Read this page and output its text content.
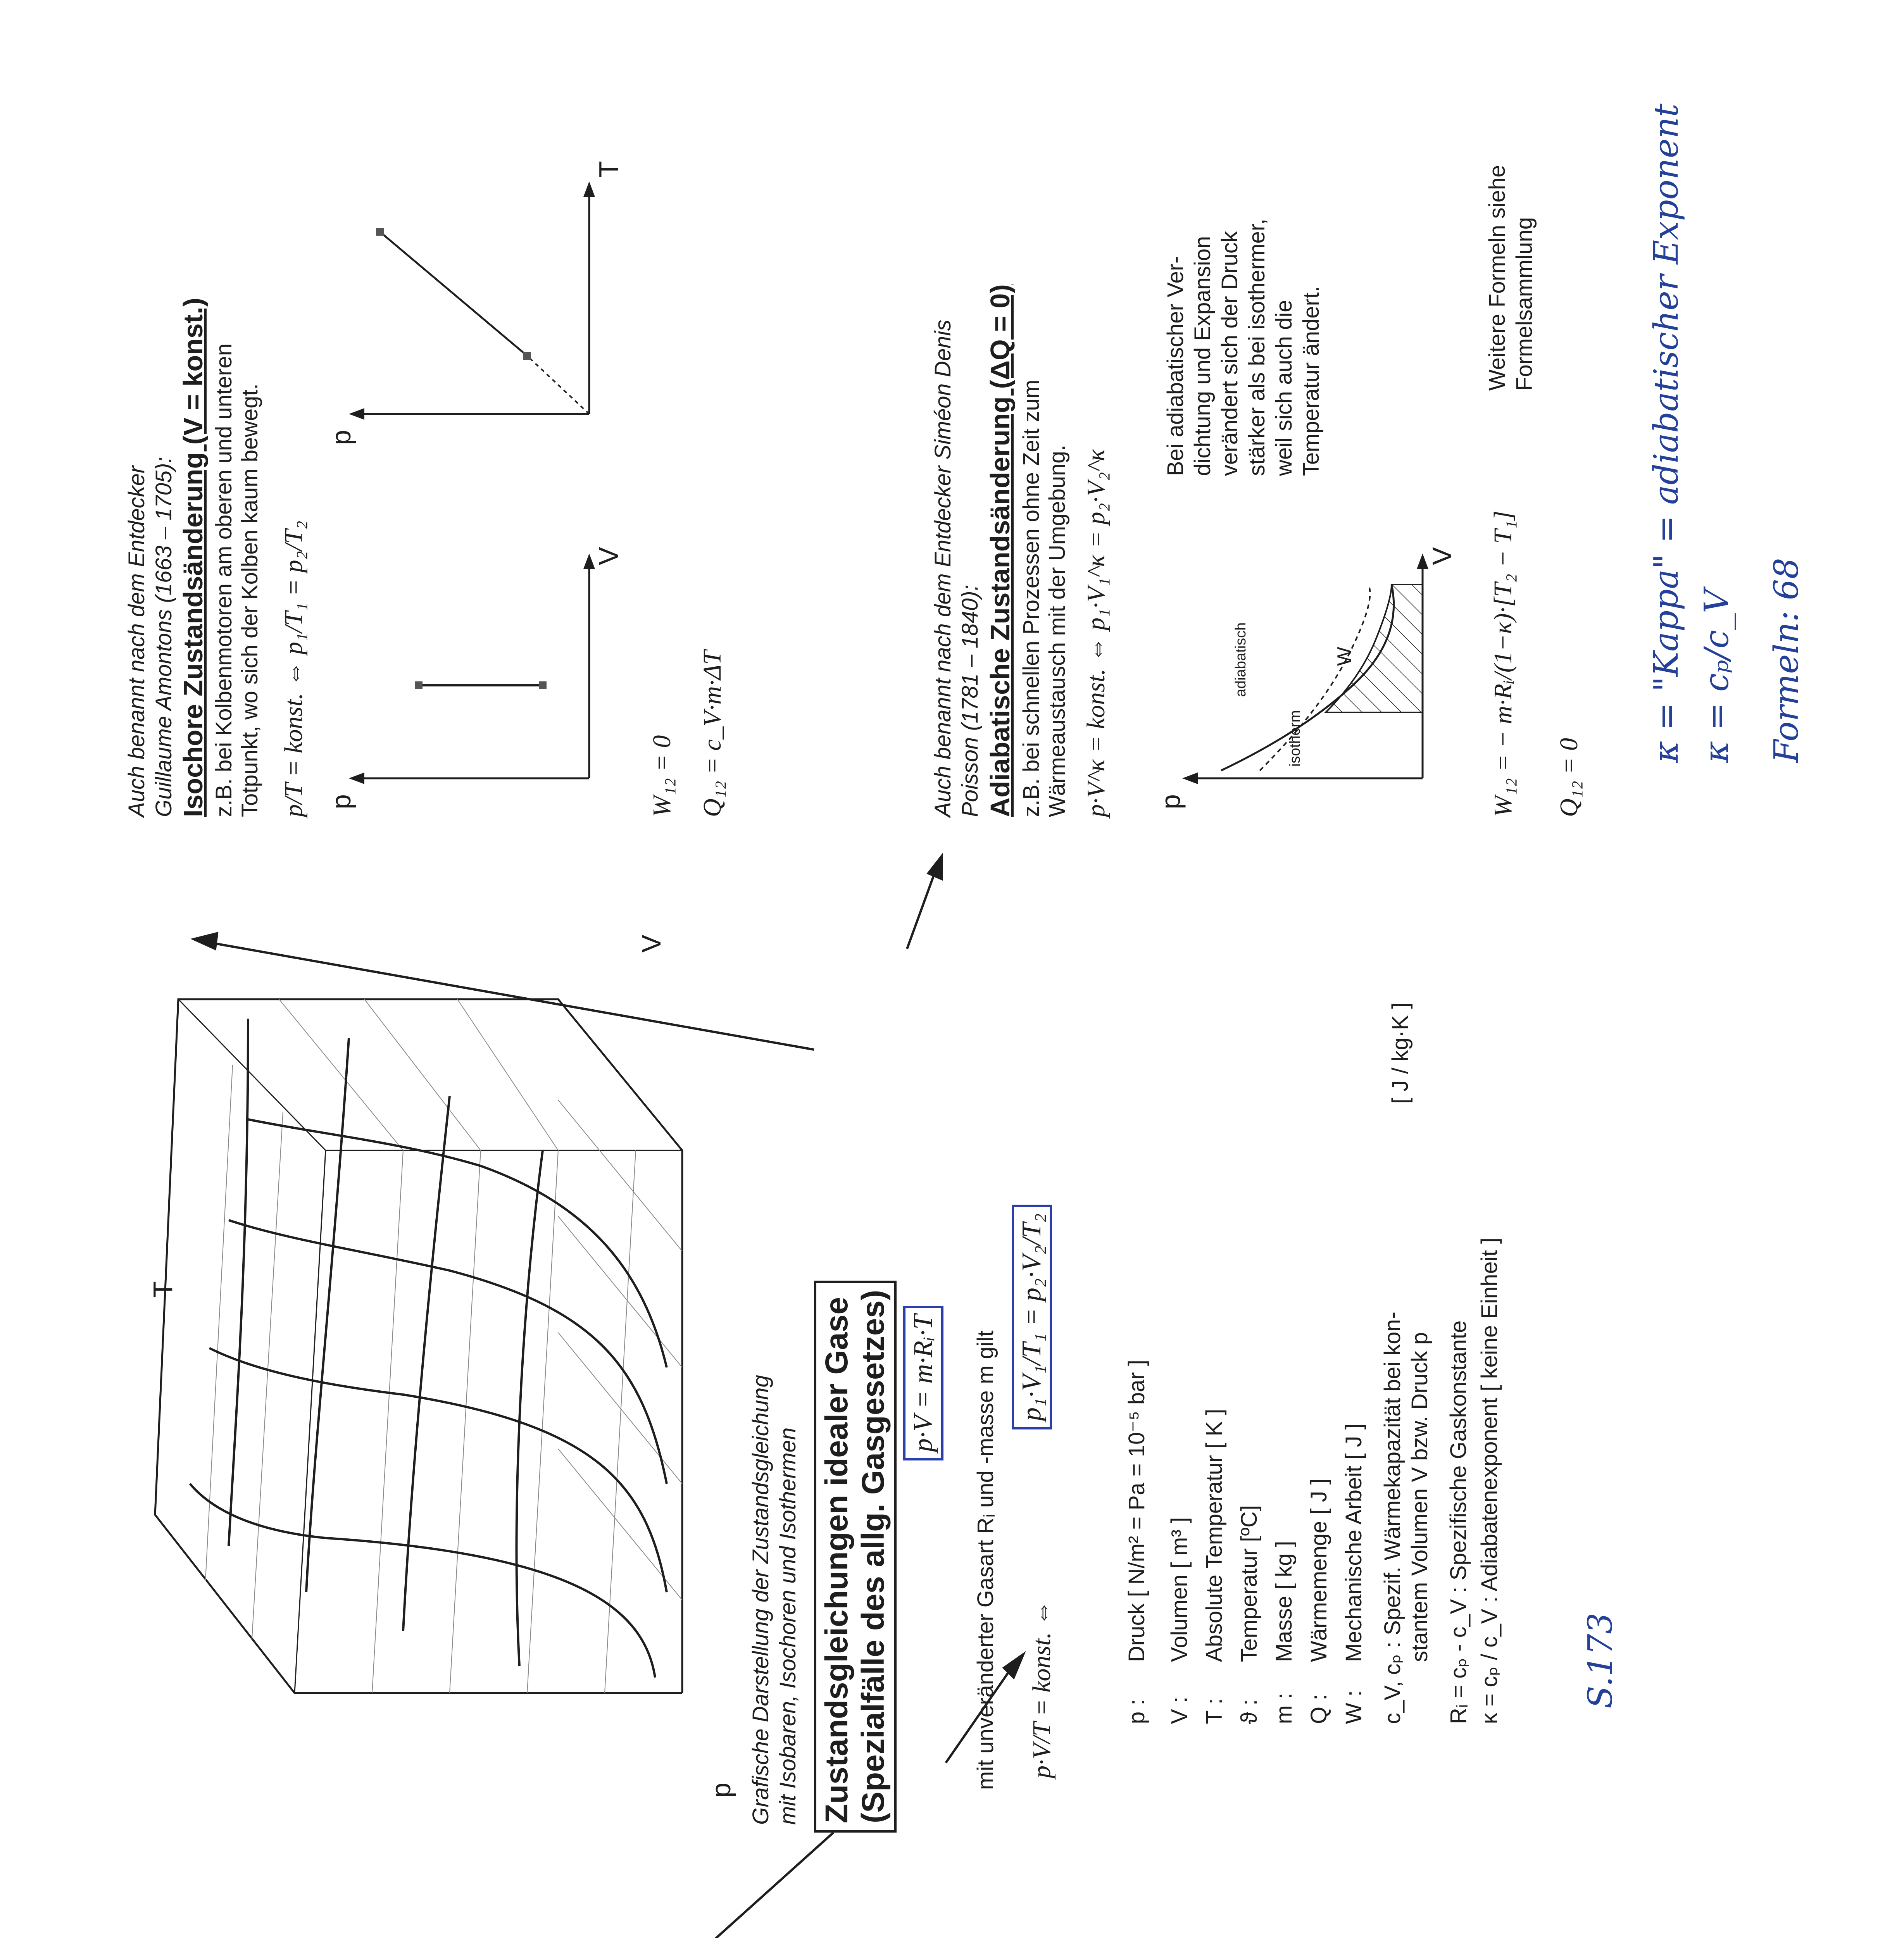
p
T
V
Grafische Darstellung der Zustandsgleichung mit Isobaren, Isochoren und Isothermen Zustandsgleichungen idealer Gase (Spezialfälle des allg. Gasgesetzes) p·V = m·Rᵢ·T mit unveränderter Gasart Rᵢ und -masse m gilt p·V/T = konst. ⇔
p₁·V₁/T₁ = p₂·V₂/T₂
p :
Druck [ N/m² = Pa = 10⁻⁵ bar ]
V :
Volumen [ m³ ]
T :
Absolute Temperatur [ K ]
ϑ :
Temperatur [ºC]
m :
Masse [ kg ]
Q :
Wärmemenge [ J ]
W :
Mechanische Arbeit [ J ] c_V, cₚ : Spezif. Wärmekapazität bei kon- stantem Volumen V bzw. Druck p
[ J / kg·K ]
Rᵢ = cₚ - c_V : Spezifische Gaskonstante κ = cₚ / c_V : Adiabatenexponent [ keine Einheit ]
Auch benannt nach dem Entdecker Guillaume Amontons (1663 – 1705): Isochore Zustandsänderung (V = konst.) z.B. bei Kolbenmotoren am oberen und unteren Totpunkt, wo sich der Kolben kaum bewegt. p/T = konst. ⇔ p₁/T₁ = p₂/T₂ p
V
p
T
W₁₂ = 0 Q₁₂ = c_V·m·ΔT	Auch benannt nach dem Entdecker Siméon Denis Poisson (1781 – 1840): Adiabatische Zustandsänderung (ΔQ = 0) z.B. bei schnellen Prozessen ohne Zeit zum Wärmeaustausch mit der Umgebung. p·V^κ = konst. ⇔ p₁·V₁^κ = p₂·V₂^κ p
V
W
isotherm
adiabatisch
Bei adiabatischer Ver- dichtung und Expansion verändert sich der Druck stärker als bei isothermer, weil sich auch die Temperatur ändert.
W₁₂ = − m·Rᵢ/(1−κ)·[T₂ − T₁]
Weitere Formeln siehe Formelsammlung
Q₁₂ = 0
κ = "Kappa" = adiabatischer Exponent κ = cₚ/c_V Formeln: 68
S.173
